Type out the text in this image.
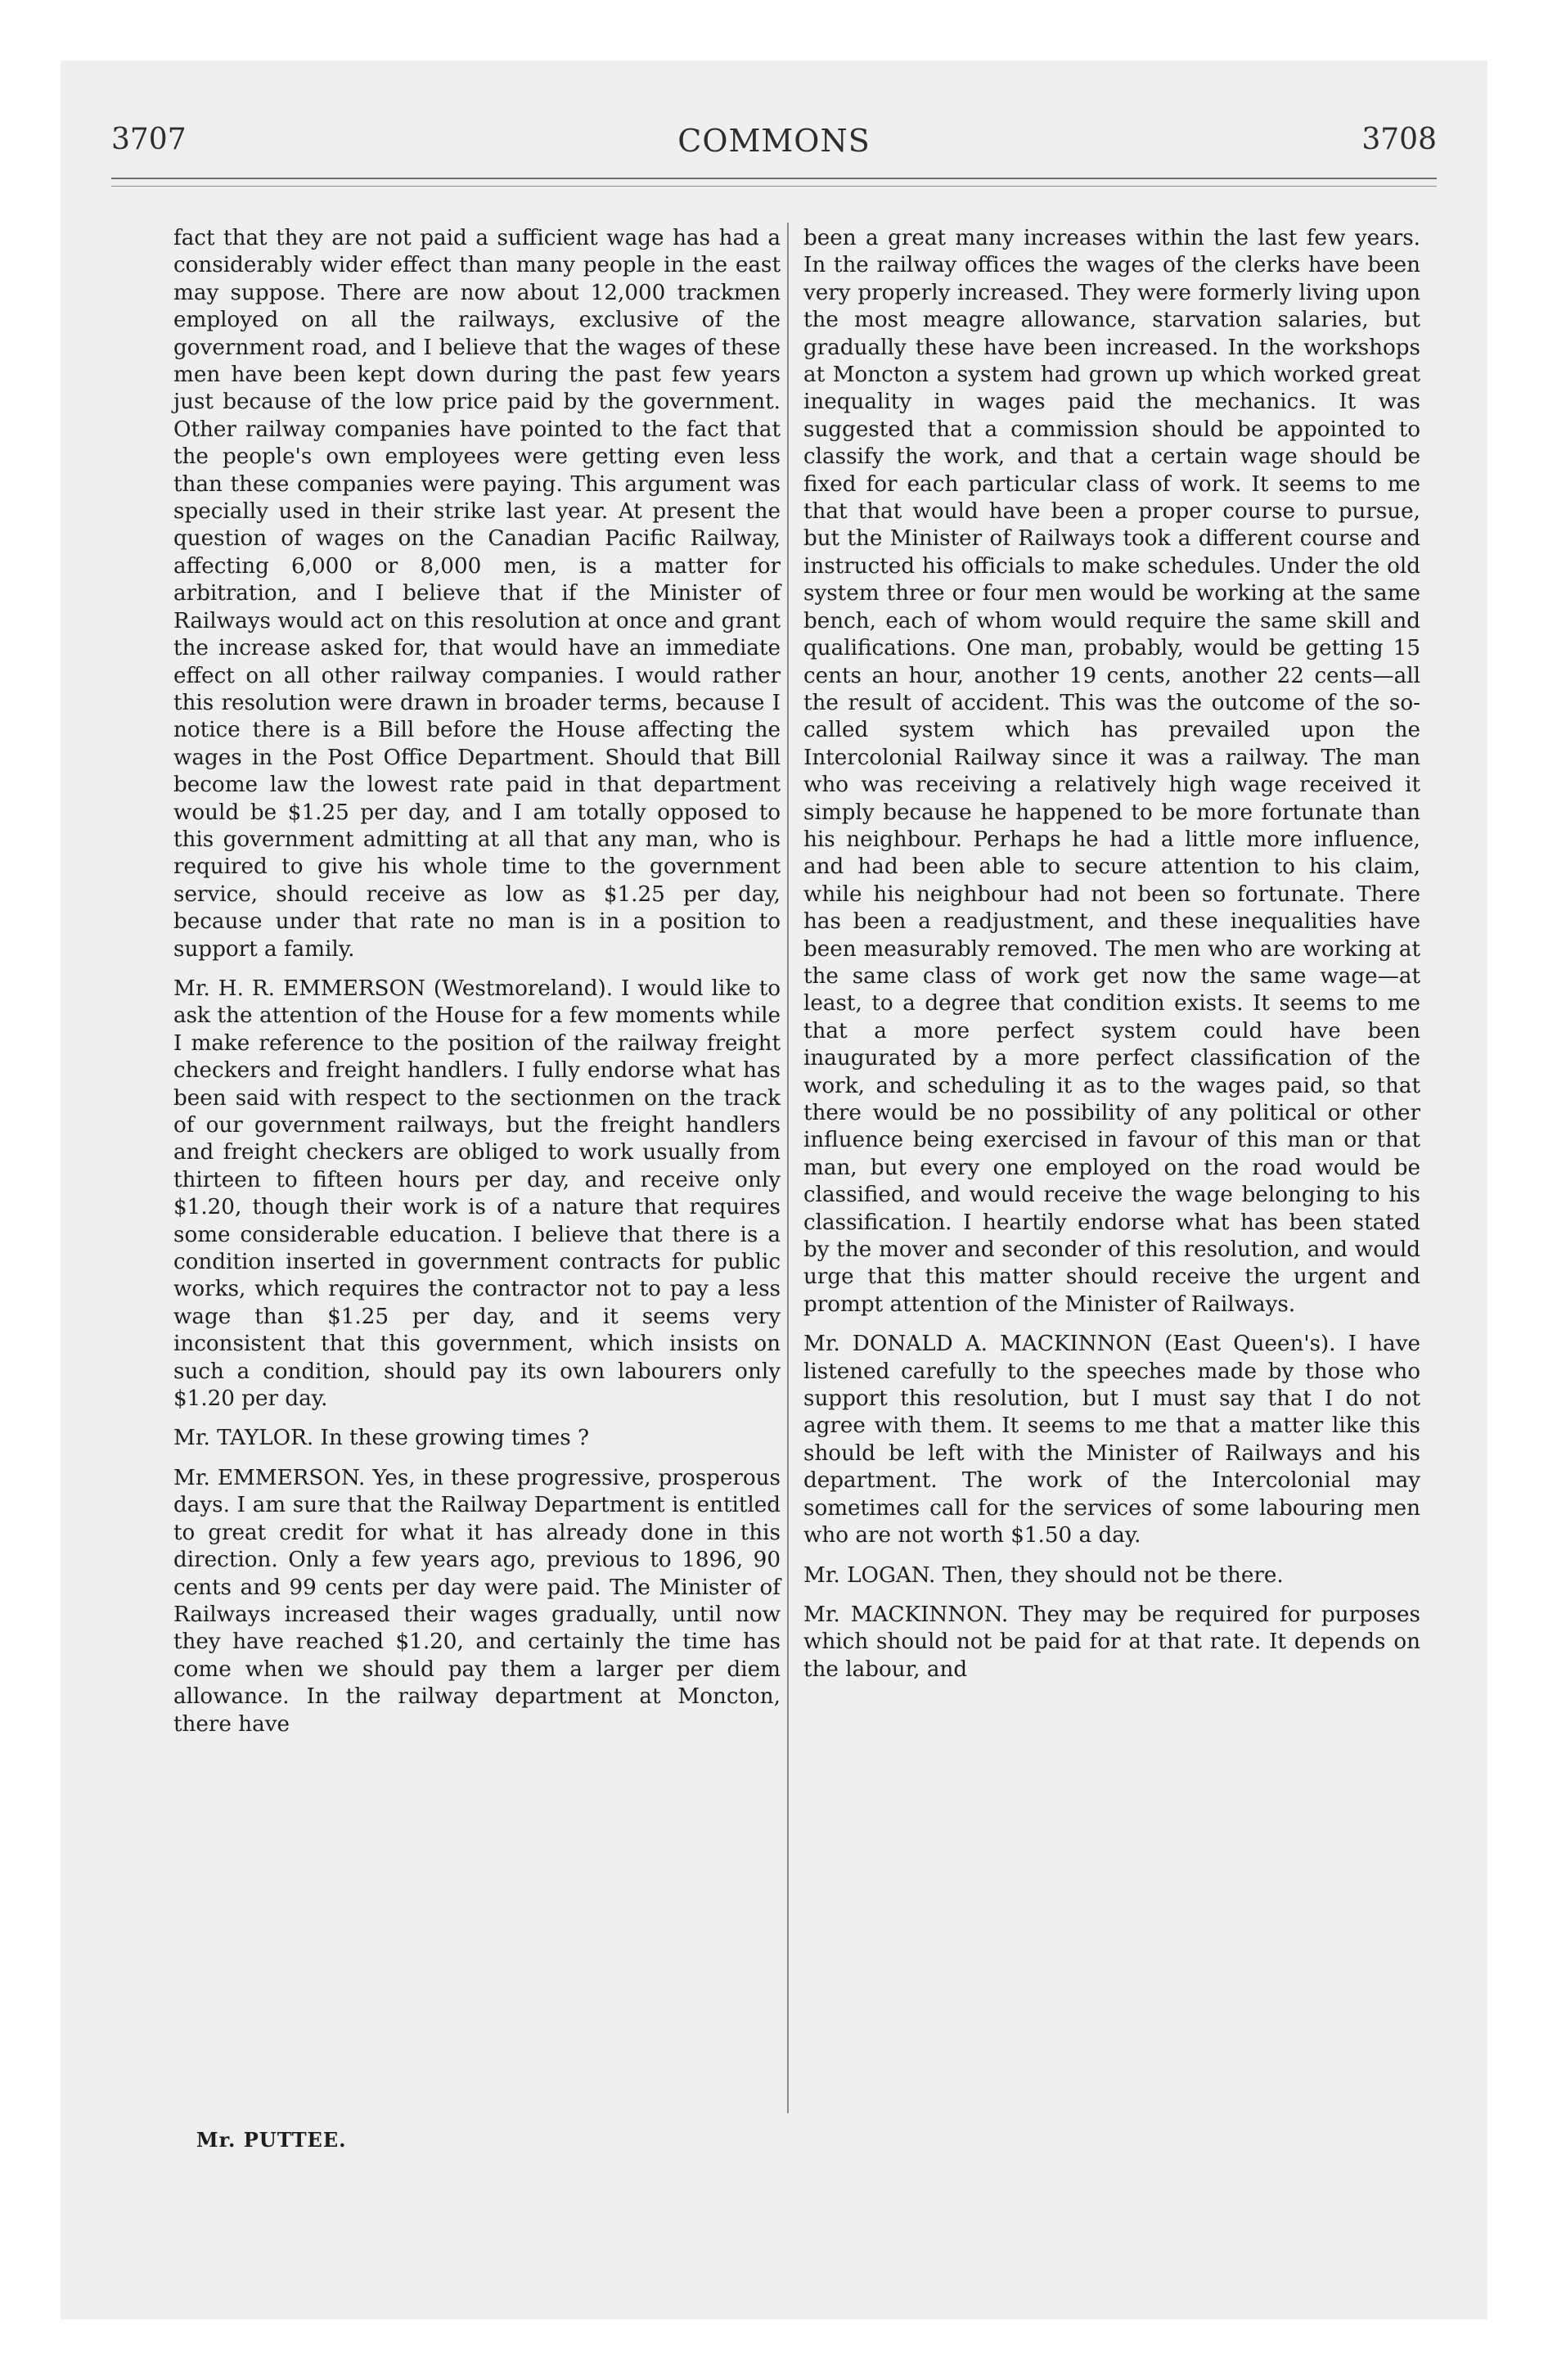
3707	COMMONS	3708

fact that they are not paid a sufficient wage has had a considerably wider effect than many people in the east may suppose. There are now about 12,000 trackmen employed on all the railways, exclusive of the government road, and I believe that the wages of these men have been kept down during the past few years just because of the low price paid by the government. Other railway companies have pointed to the fact that the people's own employees were getting even less than these companies were paying. This argument was specially used in their strike last year. At present the question of wages on the Canadian Pacific Railway, affecting 6,000 or 8,000 men, is a matter for arbitration, and I believe that if the Minister of Railways would act on this resolution at once and grant the increase asked for, that would have an immediate effect on all other railway companies. I would rather this resolution were drawn in broader terms, because I notice there is a Bill before the House affecting the wages in the Post Office Department. Should that Bill become law the lowest rate paid in that department would be $1.25 per day, and I am totally opposed to this government admitting at all that any man, who is required to give his whole time to the government service, should receive as low as $1.25 per day, because under that rate no man is in a position to support a family.

Mr. H. R. EMMERSON (Westmoreland). I would like to ask the attention of the House for a few moments while I make reference to the position of the railway freight checkers and freight handlers. I fully endorse what has been said with respect to the sectionmen on the track of our government railways, but the freight handlers and freight checkers are obliged to work usually from thirteen to fifteen hours per day, and receive only $1.20, though their work is of a nature that requires some considerable education. I believe that there is a condition inserted in government contracts for public works, which requires the contractor not to pay a less wage than $1.25 per day, and it seems very inconsistent that this government, which insists on such a condition, should pay its own labourers only $1.20 per day.

Mr. TAYLOR. In these growing times ?

Mr. EMMERSON. Yes, in these progressive, prosperous days. I am sure that the Railway Department is entitled to great credit for what it has already done in this direction. Only a few years ago, previous to 1896, 90 cents and 99 cents per day were paid. The Minister of Railways increased their wages gradually, until now they have reached $1.20, and certainly the time has come when we should pay them a larger per diem allowance. In the railway department at Moncton, there have

been a great many increases within the last few years. In the railway offices the wages of the clerks have been very properly increased. They were formerly living upon the most meagre allowance, starvation salaries, but gradually these have been increased. In the workshops at Moncton a system had grown up which worked great inequality in wages paid the mechanics. It was suggested that a commission should be appointed to classify the work, and that a certain wage should be fixed for each particular class of work. It seems to me that that would have been a proper course to pursue, but the Minister of Railways took a different course and instructed his officials to make schedules. Under the old system three or four men would be working at the same bench, each of whom would require the same skill and qualifications. One man, probably, would be getting 15 cents an hour, another 19 cents, another 22 cents—all the result of accident. This was the outcome of the so-called system which has prevailed upon the Intercolonial Railway since it was a railway. The man who was receiving a relatively high wage received it simply because he happened to be more fortunate than his neighbour. Perhaps he had a little more influence, and had been able to secure attention to his claim, while his neighbour had not been so fortunate. There has been a readjustment, and these inequalities have been measurably removed. The men who are working at the same class of work get now the same wage—at least, to a degree that condition exists. It seems to me that a more perfect system could have been inaugurated by a more perfect classification of the work, and scheduling it as to the wages paid, so that there would be no possibility of any political or other influence being exercised in favour of this man or that man, but every one employed on the road would be classified, and would receive the wage belonging to his classification. I heartily endorse what has been stated by the mover and seconder of this resolution, and would urge that this matter should receive the urgent and prompt attention of the Minister of Railways.

Mr. DONALD A. MACKINNON (East Queen's). I have listened carefully to the speeches made by those who support this resolution, but I must say that I do not agree with them. It seems to me that a matter like this should be left with the Minister of Railways and his department. The work of the Intercolonial may sometimes call for the services of some labouring men who are not worth $1.50 a day.

Mr. LOGAN. Then, they should not be there.

Mr. MACKINNON. They may be required for purposes which should not be paid for at that rate. It depends on the labour, and

Mr. PUTTEE.
